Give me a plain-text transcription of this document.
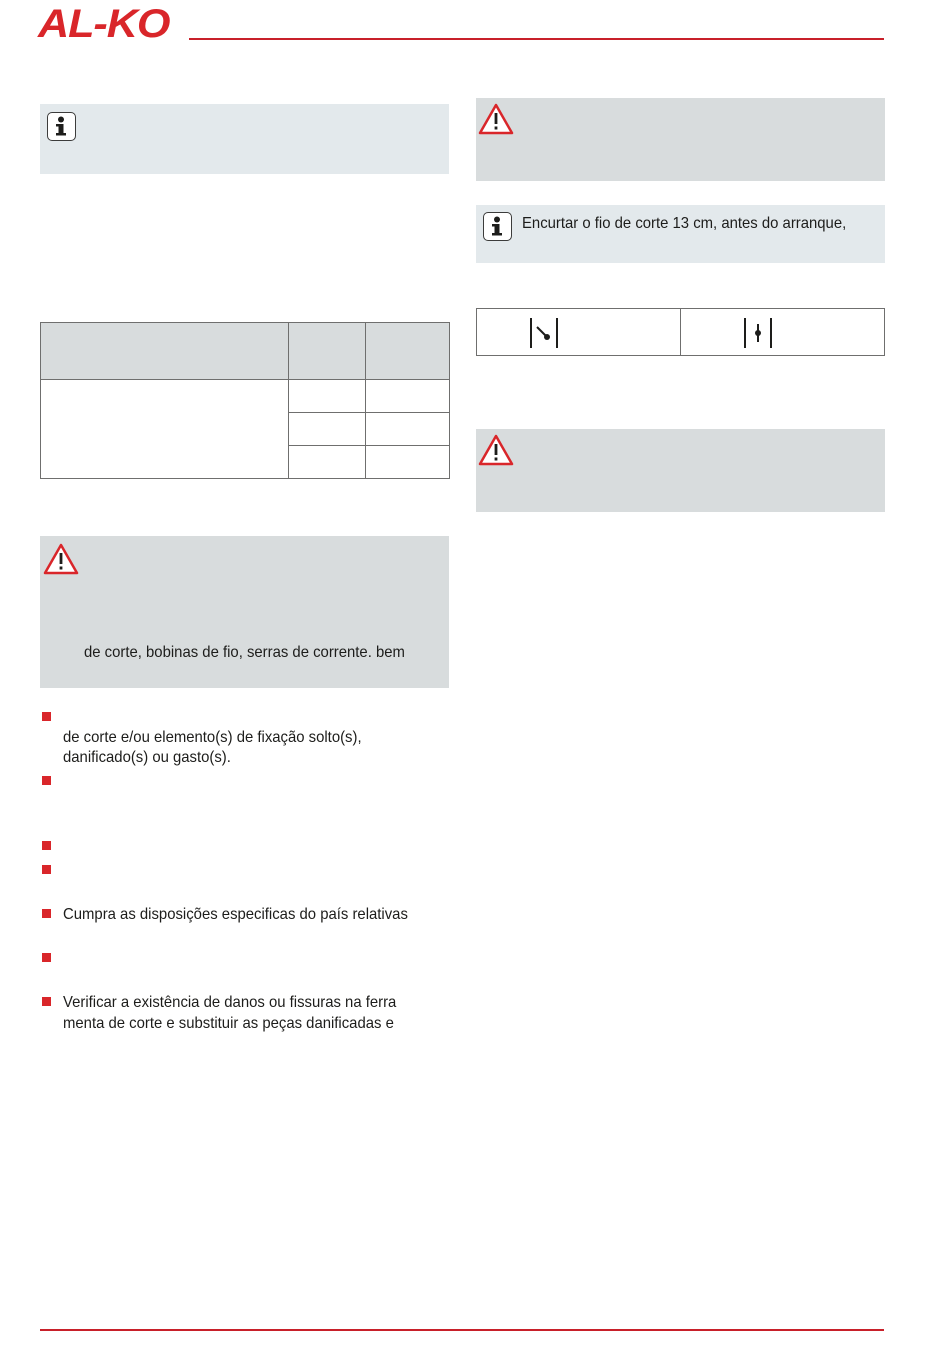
AL-KO

de corte, bobinas de fio, serras de corrente. bem
de corte e/ou elemento(s) de fixação solto(s),
danificado(s) ou gasto(s).
Cumpra as disposições especificas do país relativas
Verificar a existência de danos ou fissuras na ferra
menta de corte e substituir as peças danificadas e
Encurtar o fio de corte 13 cm, antes do arranque,
